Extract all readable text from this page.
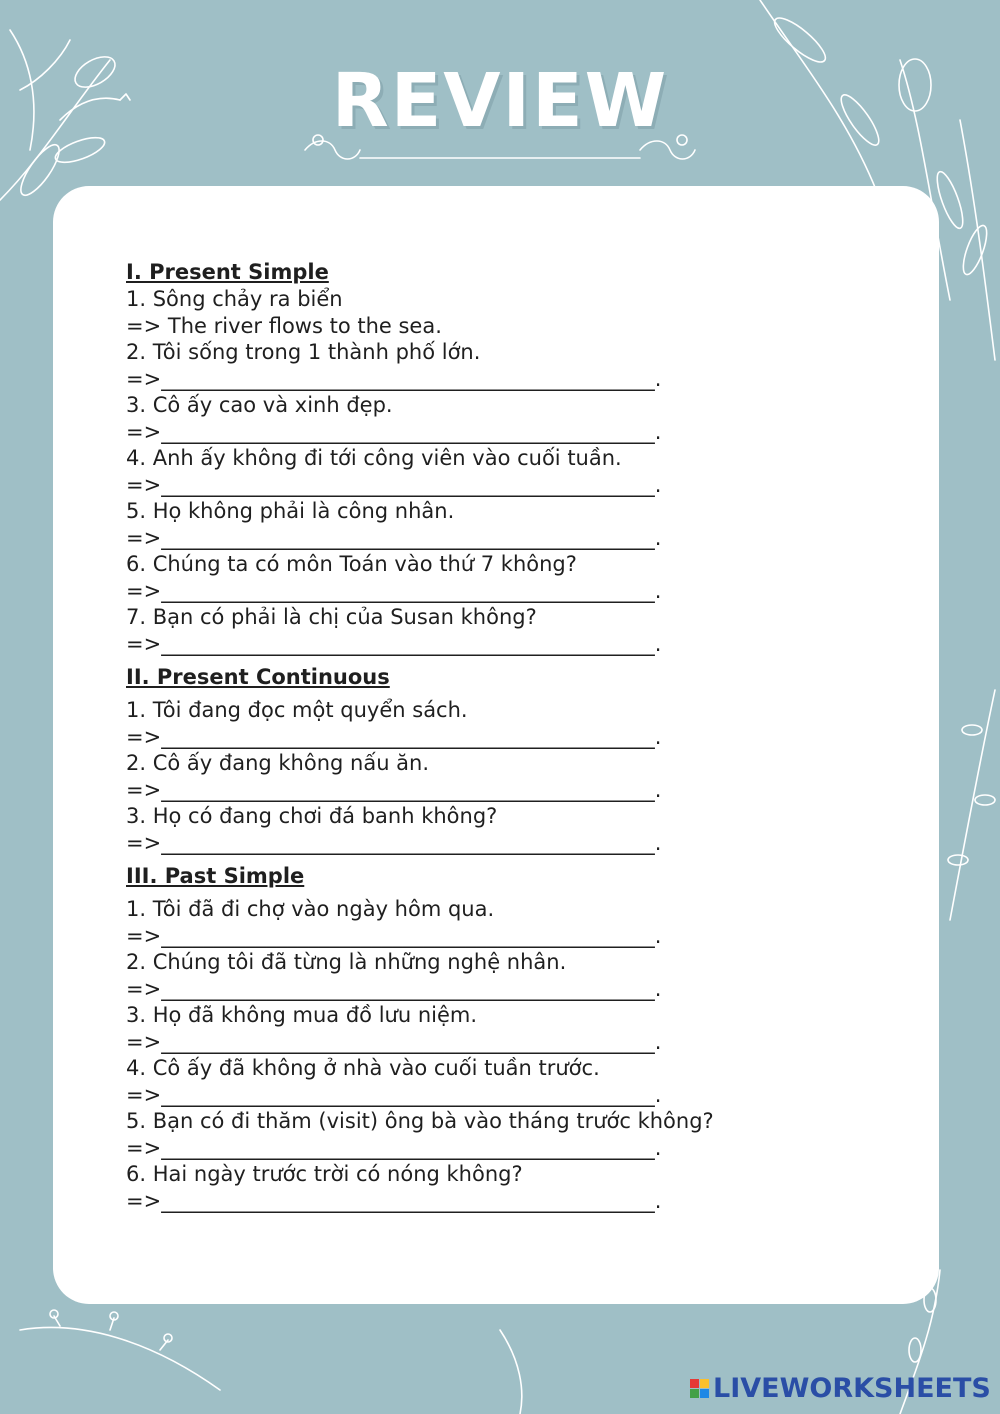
REVIEW

I. Present Simple

1. Sông chảy ra biển

=> The river flows to the sea.

2. Tôi sống trong 1 thành phố lớn.

=>_______________________________________________.

3. Cô ấy cao và xinh đẹp.

=>_______________________________________________.

4. Anh ấy không đi tới công viên vào cuối tuần.

=>_______________________________________________.

5. Họ không phải là công nhân.

=>_______________________________________________.

6. Chúng ta có môn Toán vào thứ 7 không?

=>_______________________________________________.

7. Bạn có phải là chị của Susan không?

=>_______________________________________________.

II. Present Continuous

1. Tôi đang đọc một quyển sách.

=>_______________________________________________.

2. Cô ấy đang không nấu ăn.

=>_______________________________________________.

3. Họ có đang chơi đá banh không?

=>_______________________________________________.

III. Past Simple

1. Tôi đã đi chợ vào ngày hôm qua.

=>_______________________________________________.

2. Chúng tôi đã từng là những nghệ nhân.

=>_______________________________________________.

3. Họ đã không mua đồ lưu niệm.

=>_______________________________________________.

4. Cô ấy đã không ở nhà vào cuối tuần trước.

=>_______________________________________________.

5. Bạn có đi thăm (visit) ông bà vào tháng trước không?

=>_______________________________________________.

6. Hai ngày trước trời có nóng không?

=>_______________________________________________.

LIVEWORKSHEETS
